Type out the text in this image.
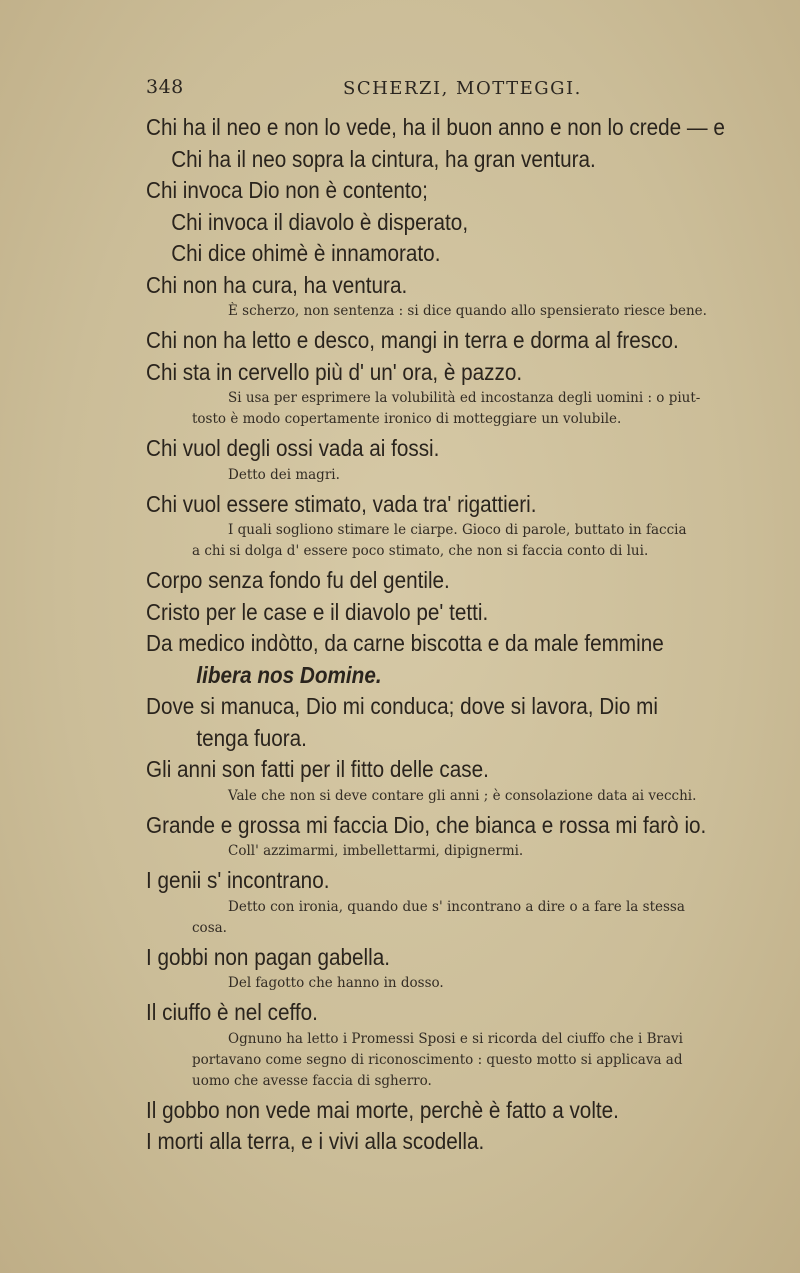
348	SCHERZI, MOTTEGGI.
Chi ha il neo e non lo vede, ha il buon anno e non lo crede — e
Chi ha il neo sopra la cintura, ha gran ventura.
Chi invoca Dio non è contento;
Chi invoca il diavolo è disperato,
Chi dice ohimè è innamorato.
Chi non ha cura, ha ventura.
È scherzo, non sentenza : si dice quando allo spensierato riesce bene.
Chi non ha letto e desco, mangi in terra e dorma al fresco.
Chi sta in cervello più d' un' ora, è pazzo.
Si usa per esprimere la volubilità ed incostanza degli uomini : o piut-
tosto è modo copertamente ironico di motteggiare un volubile.
Chi vuol degli ossi vada ai fossi.
Detto dei magri.
Chi vuol essere stimato, vada tra' rigattieri.
I quali sogliono stimare le ciarpe. Gioco di parole, buttato in faccia
a chi si dolga d' essere poco stimato, che non si faccia conto di lui.
Corpo senza fondo fu del gentile.
Cristo per le case e il diavolo pe' tetti.
Da medico indòtto, da carne biscotta e da male femmine
libera nos Domine.
Dove si manuca, Dio mi conduca; dove si lavora, Dio mi
tenga fuora.
Gli anni son fatti per il fitto delle case.
Vale che non si deve contare gli anni ; è consolazione data ai vecchi.
Grande e grossa mi faccia Dio, che bianca e rossa mi farò io.
Coll' azzimarmi, imbellettarmi, dipignermi.
I genii s' incontrano.
Detto con ironia, quando due s' incontrano a dire o a fare la stessa
cosa.
I gobbi non pagan gabella.
Del fagotto che hanno in dosso.
Il ciuffo è nel ceffo.
Ognuno ha letto i Promessi Sposi e si ricorda del ciuffo che i Bravi
portavano come segno di riconoscimento : questo motto si applicava ad
uomo che avesse faccia di sgherro.
Il gobbo non vede mai morte, perchè è fatto a volte.
I morti alla terra, e i vivi alla scodella.
